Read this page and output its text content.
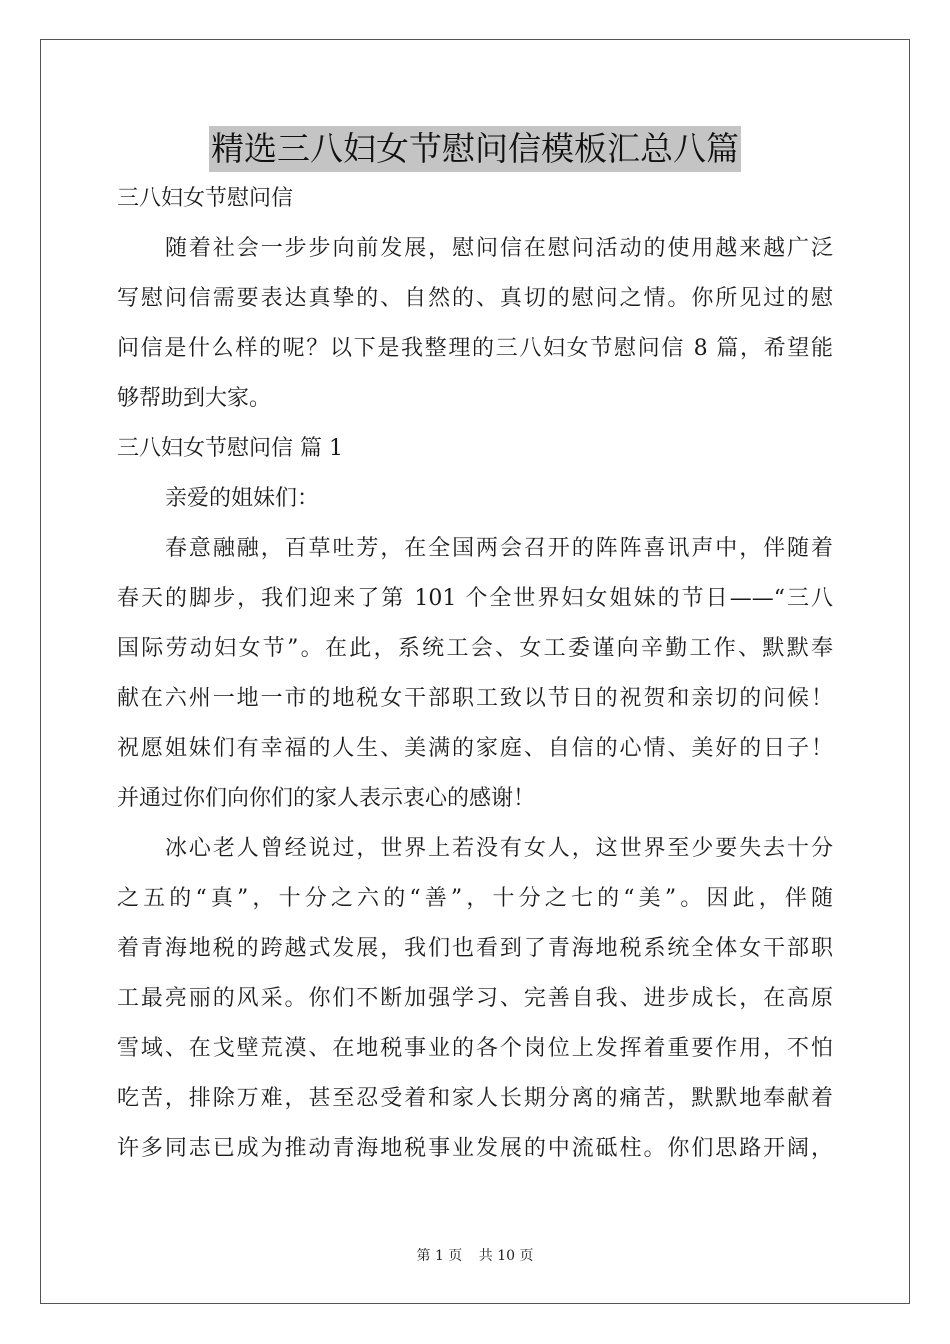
精选三八妇女节慰问信模板汇总八篇
三八妇女节慰问信
随着社会一步步向前发展，慰问信在慰问活动的使用越来越广泛
写慰问信需要表达真挚的、自然的、真切的慰问之情。你所见过的慰
问信是什么样的呢？以下是我整理的三八妇女节慰问信 8 篇，希望能
够帮助到大家。
三八妇女节慰问信 篇 1
亲爱的姐妹们：
春意融融，百草吐芳，在全国两会召开的阵阵喜讯声中，伴随着
春天的脚步，我们迎来了第 101 个全世界妇女姐妹的节日——“三八
国际劳动妇女节”。在此，系统工会、女工委谨向辛勤工作、默默奉
献在六州一地一市的地税女干部职工致以节日的祝贺和亲切的问候！
祝愿姐妹们有幸福的人生、美满的家庭、自信的心情、美好的日子！
并通过你们向你们的家人表示衷心的感谢！
冰心老人曾经说过，世界上若没有女人，这世界至少要失去十分
之五的“真”，十分之六的“善”，十分之七的“美”。因此，伴随
着青海地税的跨越式发展，我们也看到了青海地税系统全体女干部职
工最亮丽的风采。你们不断加强学习、完善自我、进步成长，在高原
雪域、在戈壁荒漠、在地税事业的各个岗位上发挥着重要作用，不怕
吃苦，排除万难，甚至忍受着和家人长期分离的痛苦，默默地奉献着
许多同志已成为推动青海地税事业发展的中流砥柱。你们思路开阔，
第 1 页 共 10 页
